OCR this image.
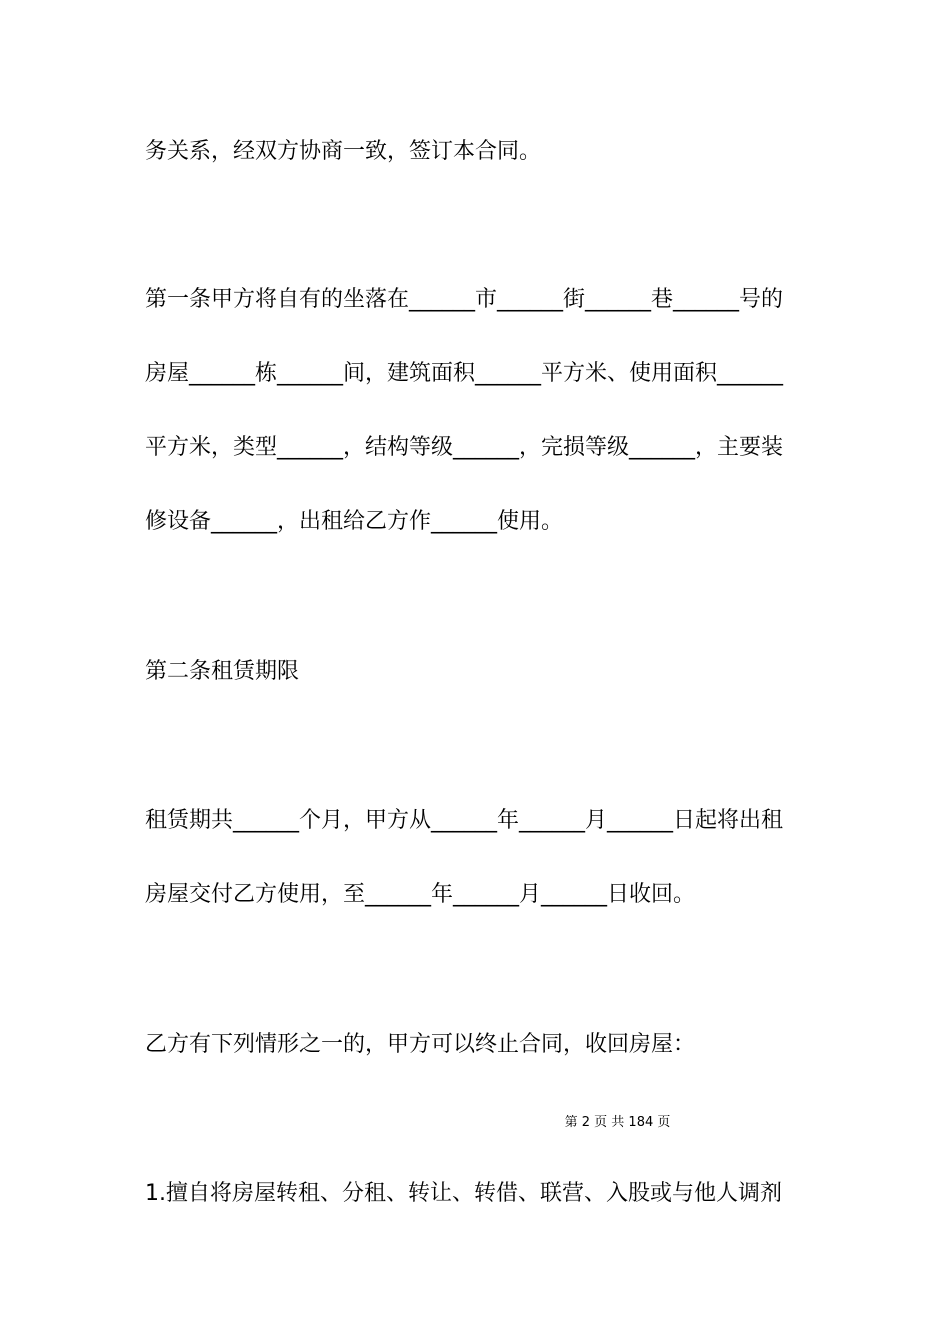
务关系，经双方协商一致，签订本合同。

第一条甲方将自有的坐落在______市______街______巷______号的

房屋______栋______间，建筑面积______平方米、使用面积______

平方米，类型______，结构等级______，完损等级______，主要装

修设备______，出租给乙方作______使用。

第二条租赁期限

租赁期共______个月，甲方从______年______月______日起将出租

房屋交付乙方使用，至______年______月______日收回。

乙方有下列情形之一的，甲方可以终止合同，收回房屋：

1.擅自将房屋转租、分租、转让、转借、联营、入股或与他人调剂

第 2 页 共 184 页
